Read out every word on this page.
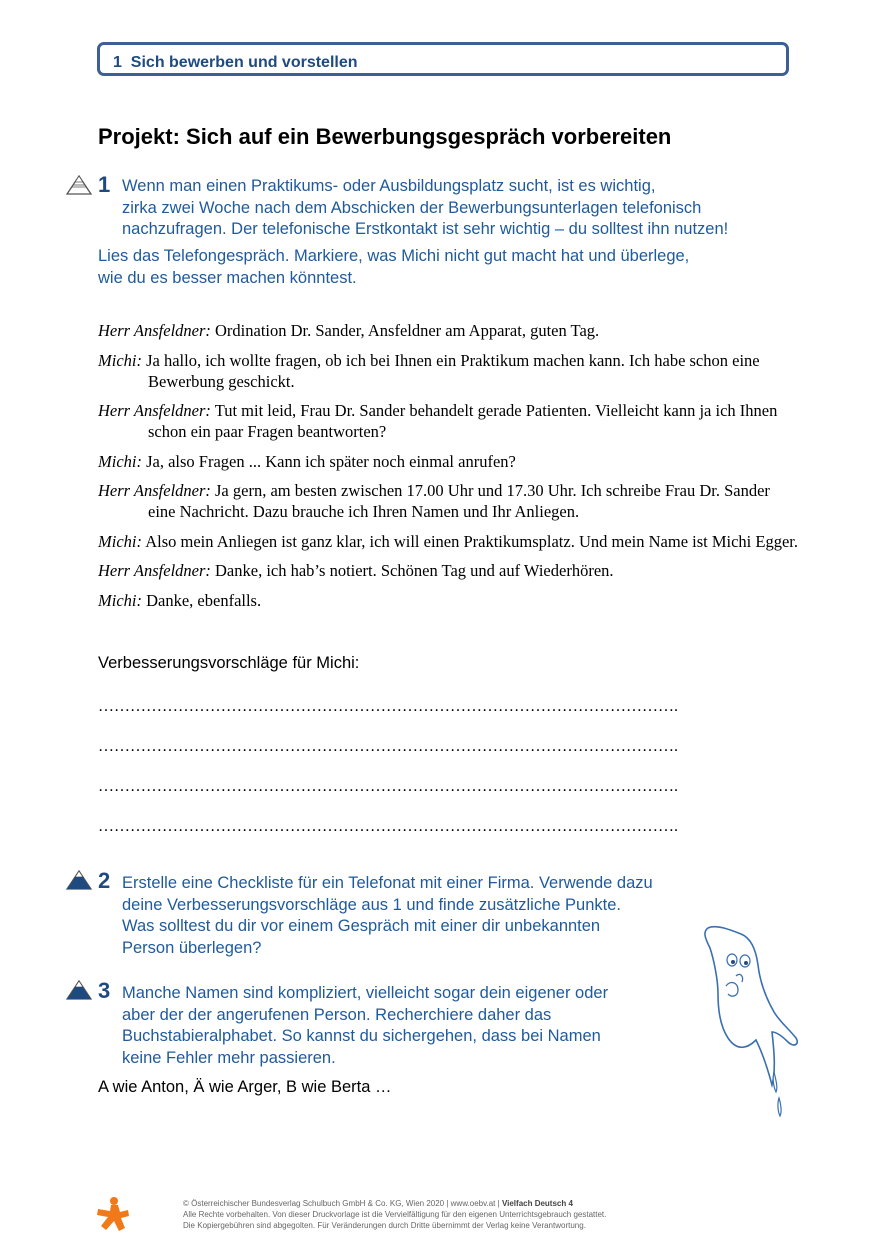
1 Sich bewerben und vorstellen
Projekt: Sich auf ein Bewerbungsgespräch vorbereiten
1 Wenn man einen Praktikums- oder Ausbildungsplatz sucht, ist es wichtig,
zirka zwei Woche nach dem Abschicken der Bewerbungsunterlagen telefonisch
nachzufragen. Der telefonische Erstkontakt ist sehr wichtig – du solltest ihn nutzen!
Lies das Telefongespräch. Markiere, was Michi nicht gut macht hat und überlege,
wie du es besser machen könntest.

Herr Ansfeldner: Ordination Dr. Sander, Ansfeldner am Apparat, guten Tag.

Michi: Ja hallo, ich wollte fragen, ob ich bei Ihnen ein Praktikum machen kann. Ich habe schon eine Bewerbung geschickt.

Herr Ansfeldner: Tut mit leid, Frau Dr. Sander behandelt gerade Patienten. Vielleicht kann ja ich Ihnen schon ein paar Fragen beantworten?

Michi: Ja, also Fragen ... Kann ich später noch einmal anrufen?

Herr Ansfeldner: Ja gern, am besten zwischen 17.00 Uhr und 17.30 Uhr. Ich schreibe Frau Dr. Sander eine Nachricht. Dazu brauche ich Ihren Namen und Ihr Anliegen.

Michi: Also mein Anliegen ist ganz klar, ich will einen Praktikumsplatz. Und mein Name ist Michi Egger.

Herr Ansfeldner: Danke, ich hab’s notiert. Schönen Tag und auf Wiederhören.

Michi: Danke, ebenfalls.

Verbesserungsvorschläge für Michi:
……………………………………………………………………………………………….
……………………………………………………………………………………………….
……………………………………………………………………………………………….
……………………………………………………………………………………………….
2 Erstelle eine Checkliste für ein Telefonat mit einer Firma. Verwende dazu
deine Verbesserungsvorschläge aus 1 und finde zusätzliche Punkte.
Was solltest du dir vor einem Gespräch mit einer dir unbekannten
Person überlegen?
3 Manche Namen sind kompliziert, vielleicht sogar dein eigener oder
aber der der angerufenen Person. Recherchiere daher das
Buchstabieralphabet. So kannst du sichergehen, dass bei Namen
keine Fehler mehr passieren.
A wie Anton, Ä wie Arger, B wie Berta …
© Österreichischer Bundesverlag Schulbuch GmbH & Co. KG, Wien 2020 | www.oebv.at | Vielfach Deutsch 4
Alle Rechte vorbehalten. Von dieser Druckvorlage ist die Vervielfältigung für den eigenen Unterrichtsgebrauch gestattet.
Die Kopiergebühren sind abgegolten. Für Veränderungen durch Dritte übernimmt der Verlag keine Verantwortung.
